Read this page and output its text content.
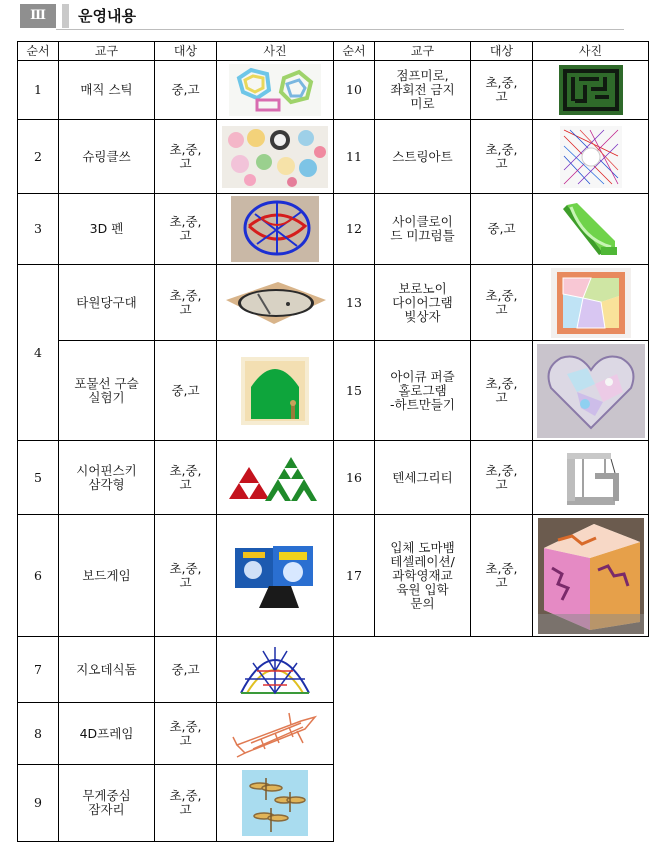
Ⅲ	운영내용
순서	교구	대상	사진	순서	교구	대상	사진
1	매직 스틱	중,고		10	점프미로,
좌회전 금지
미로	초,중,
고	

2	슈링클쓰	초,중,
고		11	스트링아트	초,중,
고	

3	3D 펜	초,중,
고		12	사이클로이
드 미끄럼틀	중,고	

4	타원당구대	초,중,
고		13	보로노이
다이어그램
빛상자	초,중,
고	

	포물선 구슬
실험기	중,고		15	아이큐 퍼즐
홀로그램
-하트만들기	초,중,
고	

5	시어핀스키
삼각형	초,중,
고		16	텐세그리티	초,중,
고	

6	보드게임	초,중,
고		17	입체 도마뱀
테셀레이션/
과학영재교
육원 입학
문의	초,중,
고	

7	지오데식돔	중,고	

8	4D프레임	초,중,
고	

9	무게중심
잠자리	초,중,
고	
